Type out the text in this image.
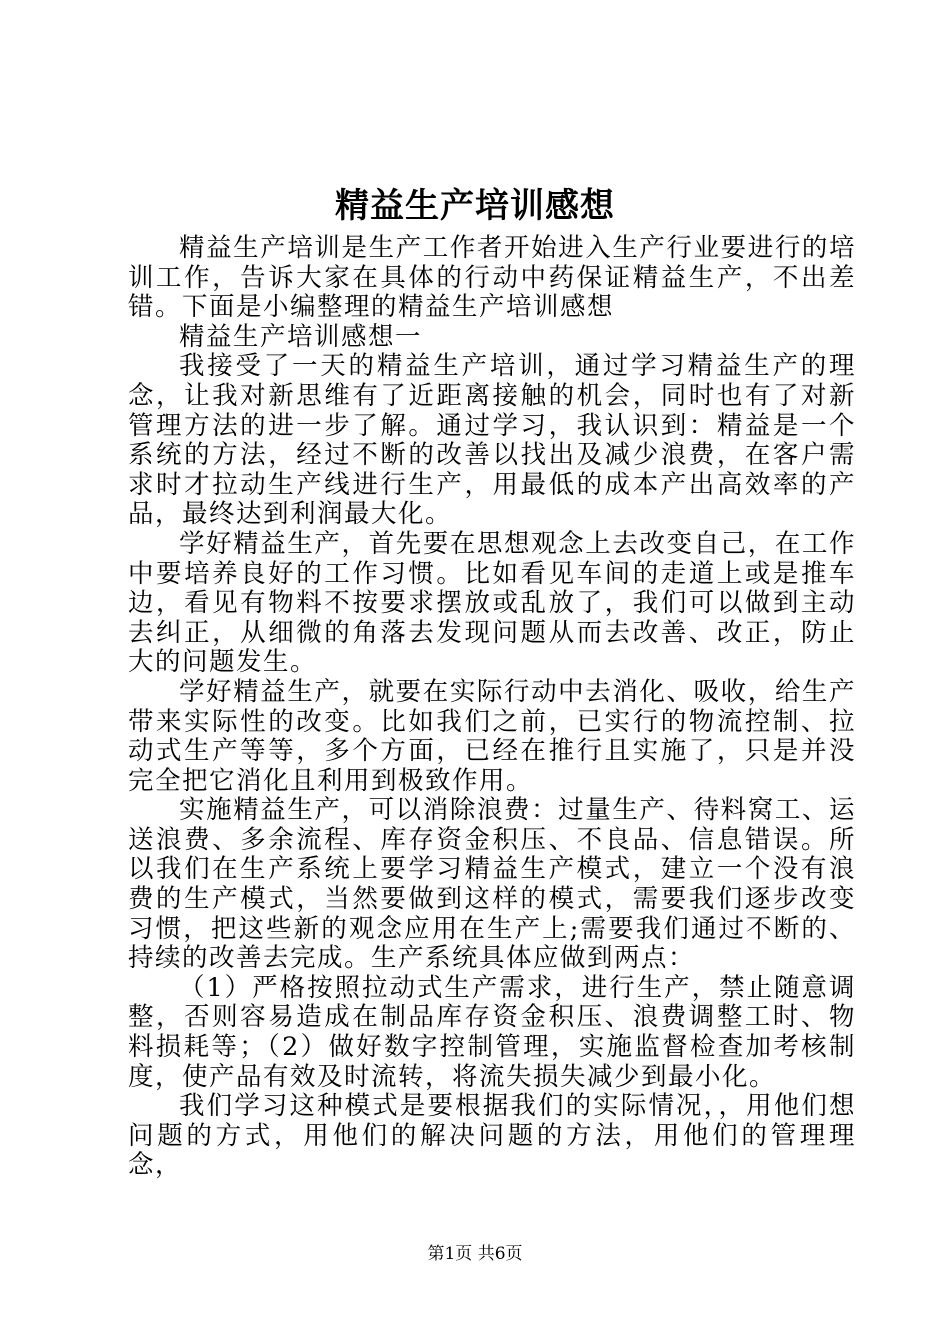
精益生产培训感想

精益生产培训是生产工作者开始进入生产行业要进行的培训工作，告诉大家在具体的行动中药保证精益生产，不出差错。下面是小编整理的精益生产培训感想

精益生产培训感想一

我接受了一天的精益生产培训，通过学习精益生产的理念，让我对新思维有了近距离接触的机会，同时也有了对新管理方法的进一步了解。通过学习，我认识到：精益是一个系统的方法，经过不断的改善以找出及减少浪费，在客户需求时才拉动生产线进行生产，用最低的成本产出高效率的产品，最终达到利润最大化。

学好精益生产，首先要在思想观念上去改变自己，在工作中要培养良好的工作习惯。比如看见车间的走道上或是推车边，看见有物料不按要求摆放或乱放了，我们可以做到主动去纠正，从细微的角落去发现问题从而去改善、改正，防止大的问题发生。

学好精益生产，就要在实际行动中去消化、吸收，给生产带来实际性的改变。比如我们之前，已实行的物流控制、拉动式生产等等，多个方面，已经在推行且实施了，只是并没完全把它消化且利用到极致作用。

实施精益生产，可以消除浪费：过量生产、待料窝工、运送浪费、多余流程、库存资金积压、不良品、信息错误。所以我们在生产系统上要学习精益生产模式，建立一个没有浪费的生产模式，当然要做到这样的模式，需要我们逐步改变习惯，把这些新的观念应用在生产上;需要我们通过不断的、持续的改善去完成。生产系统具体应做到两点：

（1）严格按照拉动式生产需求，进行生产，禁止随意调整，否则容易造成在制品库存资金积压、浪费调整工时、物料损耗等；（2）做好数字控制管理，实施监督检查加考核制度，使产品有效及时流转，将流失损失减少到最小化。

我们学习这种模式是要根据我们的实际情况，，用他们想问题的方式，用他们的解决问题的方法，用他们的管理理念，

第1页 共6页
